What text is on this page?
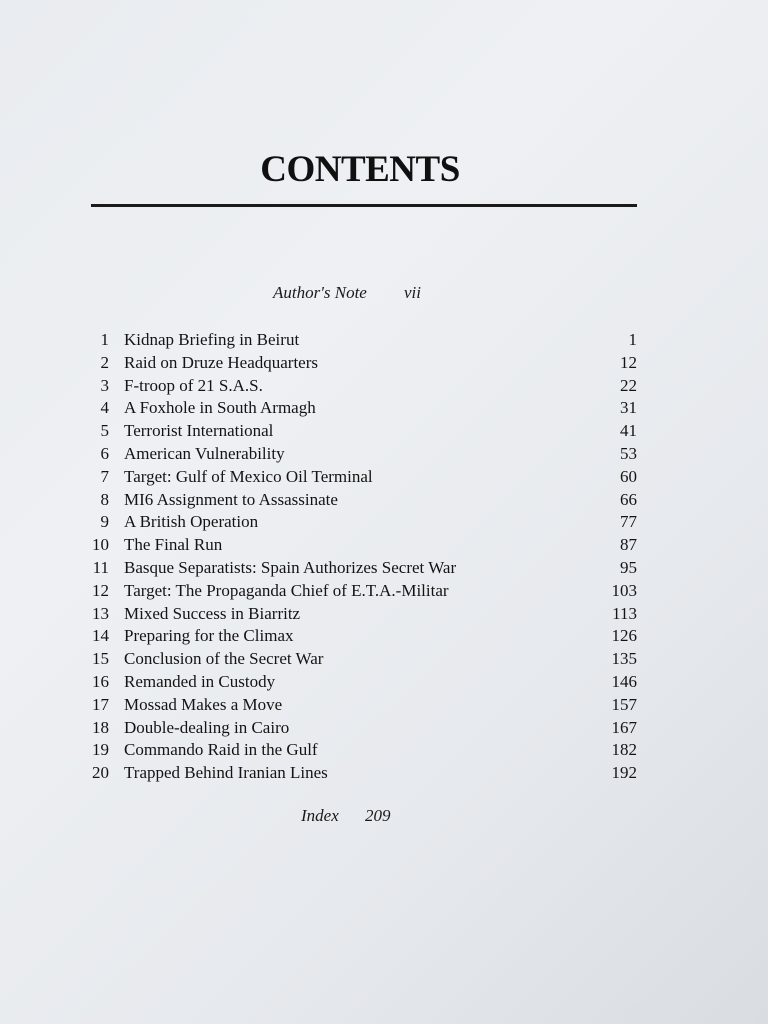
CONTENTS
Author's Note vii
1 Kidnap Briefing in Beirut	1
2 Raid on Druze Headquarters	12
3 F-troop of 21 S.A.S.	22
4 A Foxhole in South Armagh	31
5 Terrorist International	41
6 American Vulnerability	53
7 Target: Gulf of Mexico Oil Terminal	60
8 MI6 Assignment to Assassinate	66
9 A British Operation	77
10 The Final Run	87
11 Basque Separatists: Spain Authorizes Secret War	95
12 Target: The Propaganda Chief of E.T.A.-Militar	103
13 Mixed Success in Biarritz	113
14 Preparing for the Climax	126
15 Conclusion of the Secret War	135
16 Remanded in Custody	146
17 Mossad Makes a Move	157
18 Double-dealing in Cairo	167
19 Commando Raid in the Gulf	182
20 Trapped Behind Iranian Lines	192
Index 209
